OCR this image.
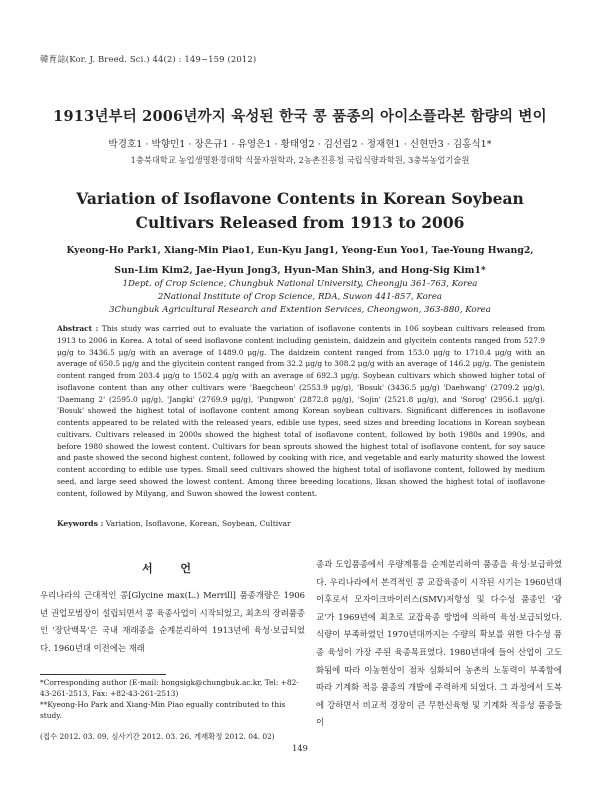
韓育誌(Kor. J. Breed. Sci.) 44(2) : 149~159 (2012)
1913년부터 2006년까지 육성된 한국 콩 품종의 아이소플라본 함량의 변이
박경호1 · 박향민1 · 장은규1 · 유영은1 · 황태영2 · 김선림2 · 정재현1 · 신현만3 · 김홍식1*
1충북대학교 농업생명환경대학 식물자원학과, 2농촌진흥청 국립식량과학원, 3충북농업기술원
Variation of Isoflavone Contents in Korean Soybean Cultivars Released from 1913 to 2006
Kyeong-Ho Park1, Xiang-Min Piao1, Eun-Kyu Jang1, Yeong-Eun Yoo1, Tae-Young Hwang2,
Sun-Lim Kim2, Jae-Hyun Jong3, Hyun-Man Shin3, and Hong-Sig Kim1*
1Dept. of Crop Science, Chungbuk National University, Cheongju 361-763, Korea
2National Institute of Crop Science, RDA, Suwon 441-857, Korea
3Chungbuk Agricultural Research and Extention Services, Cheongwon, 363-880, Korea
Abstract : This study was carried out to evaluate the variation of isoflavone contents in 106 soybean cultivars released from 1913 to 2006 in Korea. A total of seed isoflavone content including genistein, daidzein and glycitein contents ranged from 527.9 μg/g to 3436.5 μg/g with an average of 1489.0 μg/g. The daidzein content ranged from 153.0 μg/g to 1710.4 μg/g with an average of 650.5 μg/g and the glycitein content ranged from 32.2 μg/g to 308.2 μg/g with an average of 146.2 μg/g. The genistein content ranged from 203.4 μg/g to 1502.4 μg/g with an average of 692.3 μg/g. Soybean cultivars which showed higher total of isoflavone content than any other cultivars were 'Baegcheon' (2553.9 μg/g), 'Bosuk' (3436.5 μg/g) 'Daehwang' (2709.2 μg/g), 'Daemang 2' (2595.0 μg/g), 'Jangki' (2769.9 μg/g), 'Pungwon' (2872.8 μg/g), 'Sojin' (2521.8 μg/g), and 'Sorog' (2956.1 μg/g). 'Bosuk' showed the highest total of isoflavone content among Korean soybean cultivars. Significant differences in isoflavone contents appeared to be related with the released years, edible use types, seed sizes and breeding locations in Korean soybean cultivars. Cultivars released in 2000s showed the highest total of isoflavone content, followed by both 1980s and 1990s, and before 1980 showed the lowest content. Cultivars for bean sprouts showed the highest total of isoflavone content, for soy sauce and paste showed the second highest content, followed by cooking with rice, and vegetable and early maturity showed the lowest content according to edible use types. Small seed cultivars showed the highest total of isoflavone content, followed by medium seed, and large seed showed the lowest content. Among three breeding locations, Iksan showed the highest total of isoflavone content, followed by Milyang, and Suwon showed the lowest content.
Keywords : Variation, Isoflavone, Korean, Soybean, Cultivar
서 언
우리나라의 근대적인 콩[Glycine max(L.) Merrill] 품종개량은 1906년 권업모범장이 설립되면서 콩 육종사업이 시작되었고, 최초의 장려품종인 '장단백목'은 국내 재래종을 순계분리하여 1913년에 육성·보급되었다. 1960년대 이전에는 재래
종과 도입품종에서 우량계통을 순계분리하여 품종을 육성·보급하였다. 우리나라에서 본격적인 콩 교잡육종이 시작된 시기는 1960년대 이후로서 모자이크바이러스(SMV)저항성 및 다수성 품종인 '광교'가 1969년에 최초로 교잡육종 방법에 의하여 육성·보급되었다. 식량이 부족하였던 1970년대까지는 수량의 확보를 위한 다수성 품종 육성이 가장 주된 육종목표였다. 1980년대에 들어 산업이 고도화됨에 따라 이농현상이 점차 심화되어 농촌의 노동력이 부족함에 따라 기계화 적응 품종의 개발에 주력하게 되었다. 그 과정에서 도복에 강하면서 비교적 경장이 큰 무한신육형 및 기계화 적응성 품종들이
*Corresponding author (E-mail: hongsigk@chungbuk.ac.kr, Tel: +82-43-261-2513, Fax: +82-43-261-2513)
**Kyeong-Ho Park and Xiang-Min Piao egually contributed to this study.
(접수 2012. 03. 09, 심사기간 2012. 03. 26, 게재확정 2012. 04. 02)
149
